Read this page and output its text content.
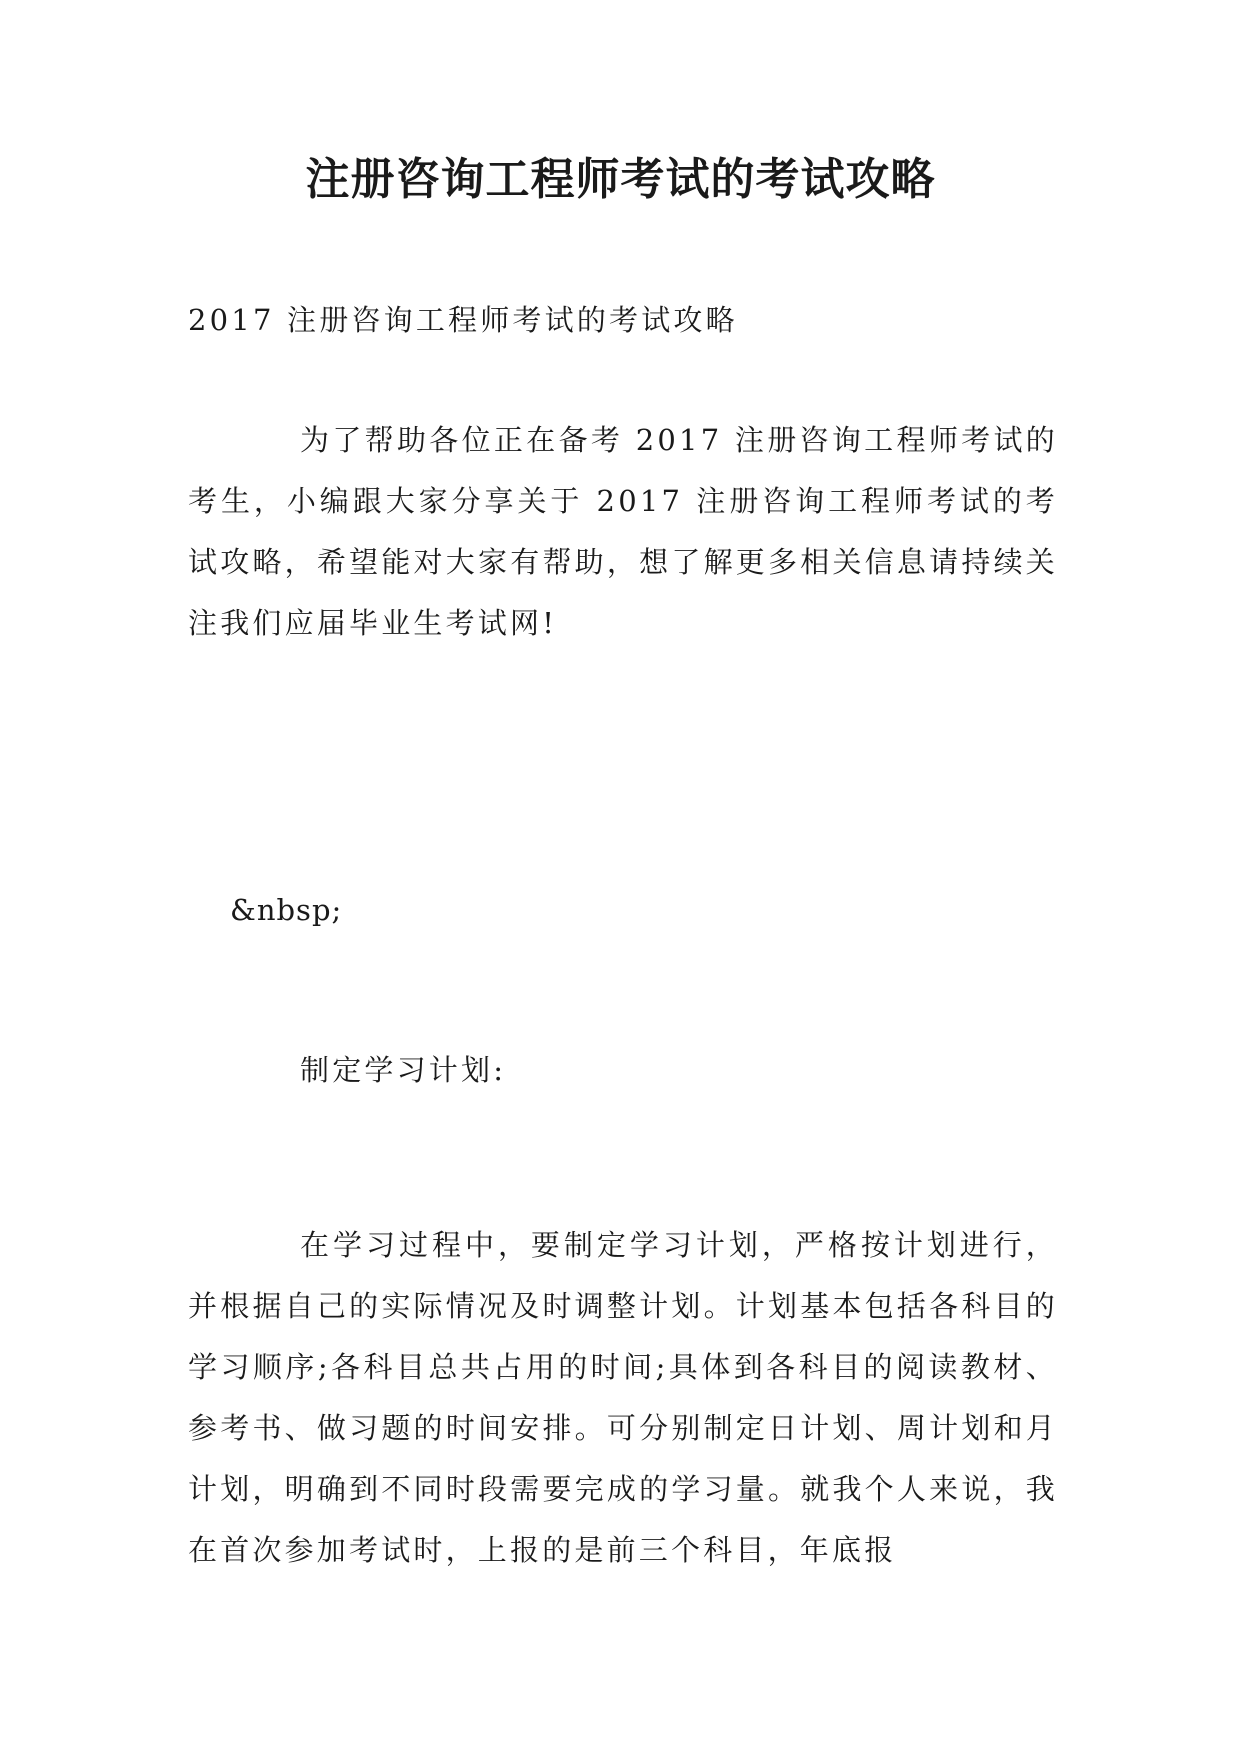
注册咨询工程师考试的考试攻略
2017 注册咨询工程师考试的考试攻略
为了帮助各位正在备考 2017 注册咨询工程师考试的考生，小编跟大家分享关于 2017 注册咨询工程师考试的考试攻略，希望能对大家有帮助，想了解更多相关信息请持续关注我们应届毕业生考试网!
&nbsp;
制定学习计划:
在学习过程中，要制定学习计划，严格按计划进行，并根据自己的实际情况及时调整计划。计划基本包括各科目的学习顺序;各科目总共占用的时间;具体到各科目的阅读教材、参考书、做习题的时间安排。可分别制定日计划、周计划和月计划，明确到不同时段需要完成的学习量。就我个人来说，我在首次参加考试时，上报的是前三个科目，年底报
